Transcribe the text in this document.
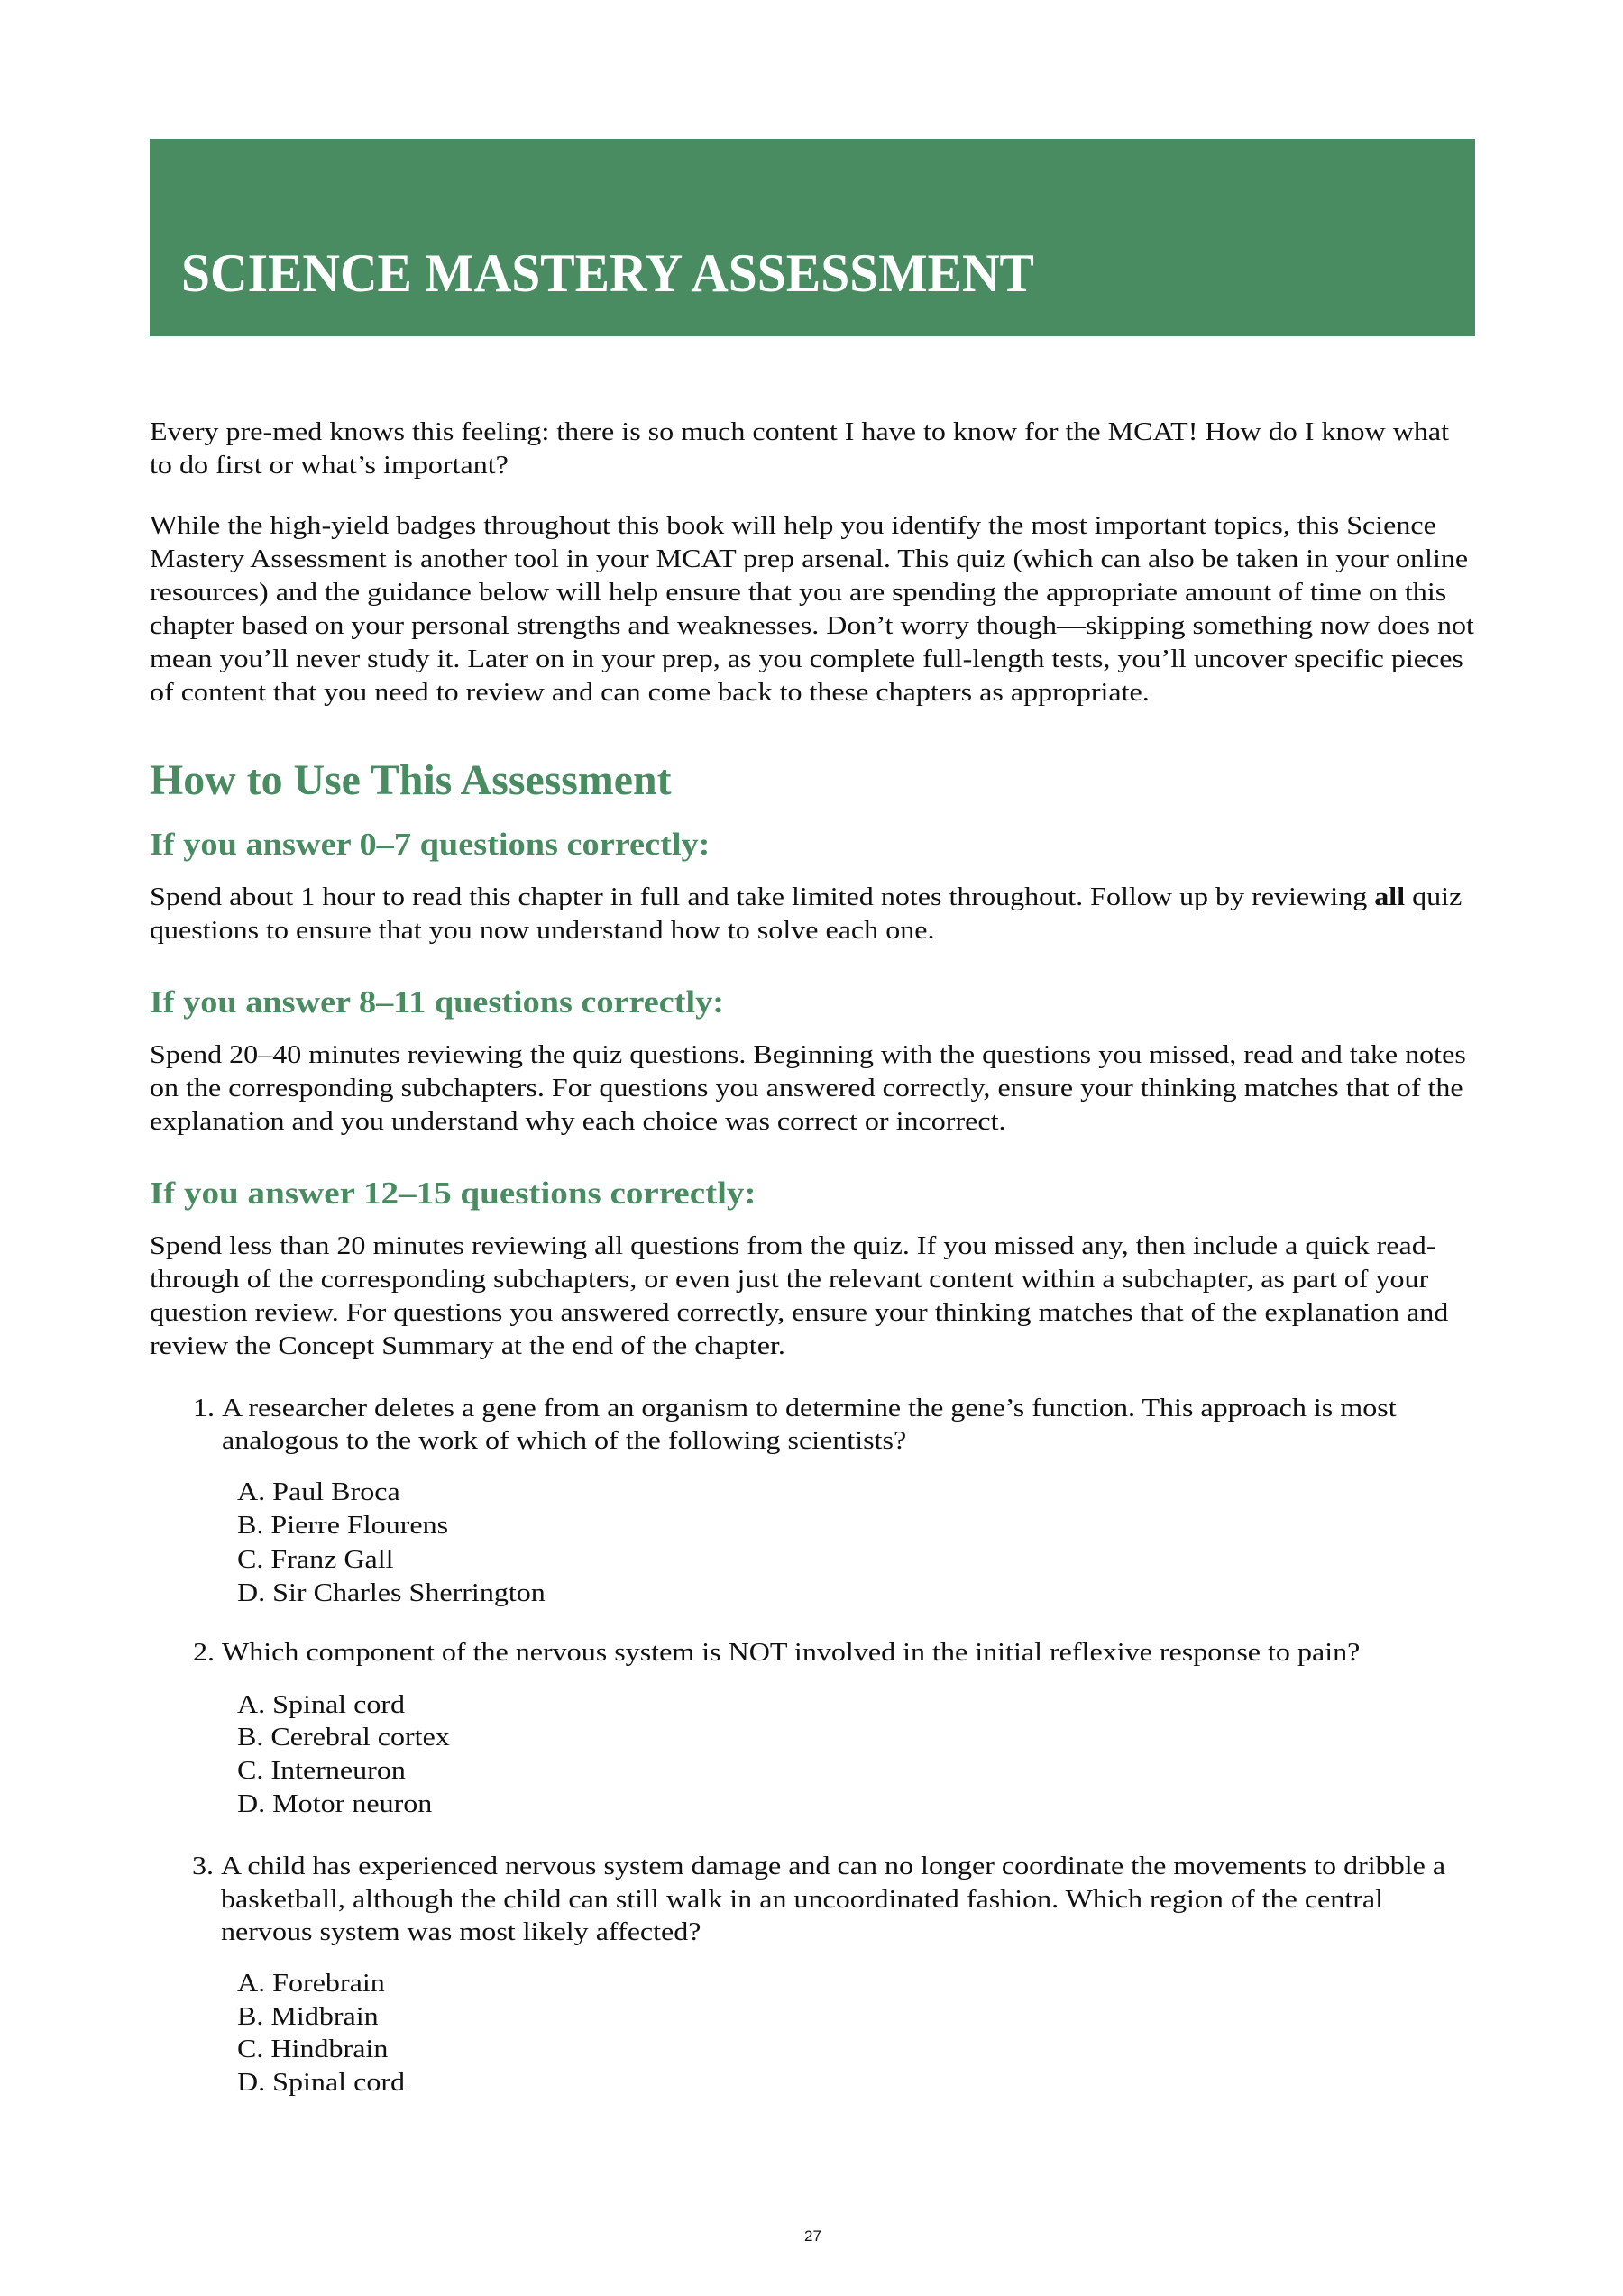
SCIENCE MASTERY ASSESSMENT
Every pre-med knows this feeling: there is so much content I have to know for the MCAT! How do I know what
to do first or what’s important?
While the high-yield badges throughout this book will help you identify the most important topics, this Science
Mastery Assessment is another tool in your MCAT prep arsenal. This quiz (which can also be taken in your online
resources) and the guidance below will help ensure that you are spending the appropriate amount of time on this
chapter based on your personal strengths and weaknesses. Don’t worry though—skipping something now does not
mean you’ll never study it. Later on in your prep, as you complete full-length tests, you’ll uncover specific pieces
of content that you need to review and can come back to these chapters as appropriate.
How to Use This Assessment
If you answer 0–7 questions correctly:
Spend about 1 hour to read this chapter in full and take limited notes throughout. Follow up by reviewing all quiz
questions to ensure that you now understand how to solve each one.
If you answer 8–11 questions correctly:
Spend 20–40 minutes reviewing the quiz questions. Beginning with the questions you missed, read and take notes
on the corresponding subchapters. For questions you answered correctly, ensure your thinking matches that of the
explanation and you understand why each choice was correct or incorrect.
If you answer 12–15 questions correctly:
Spend less than 20 minutes reviewing all questions from the quiz. If you missed any, then include a quick read-
through of the corresponding subchapters, or even just the relevant content within a subchapter, as part of your
question review. For questions you answered correctly, ensure your thinking matches that of the explanation and
review the Concept Summary at the end of the chapter.
1. A researcher deletes a gene from an organism to determine the gene’s function. This approach is most
analogous to the work of which of the following scientists?
A. Paul Broca
B. Pierre Flourens
C. Franz Gall
D. Sir Charles Sherrington
2. Which component of the nervous system is NOT involved in the initial reflexive response to pain?
A. Spinal cord
B. Cerebral cortex
C. Interneuron
D. Motor neuron
3. A child has experienced nervous system damage and can no longer coordinate the movements to dribble a
basketball, although the child can still walk in an uncoordinated fashion. Which region of the central
nervous system was most likely affected?
A. Forebrain
B. Midbrain
C. Hindbrain
D. Spinal cord
27
